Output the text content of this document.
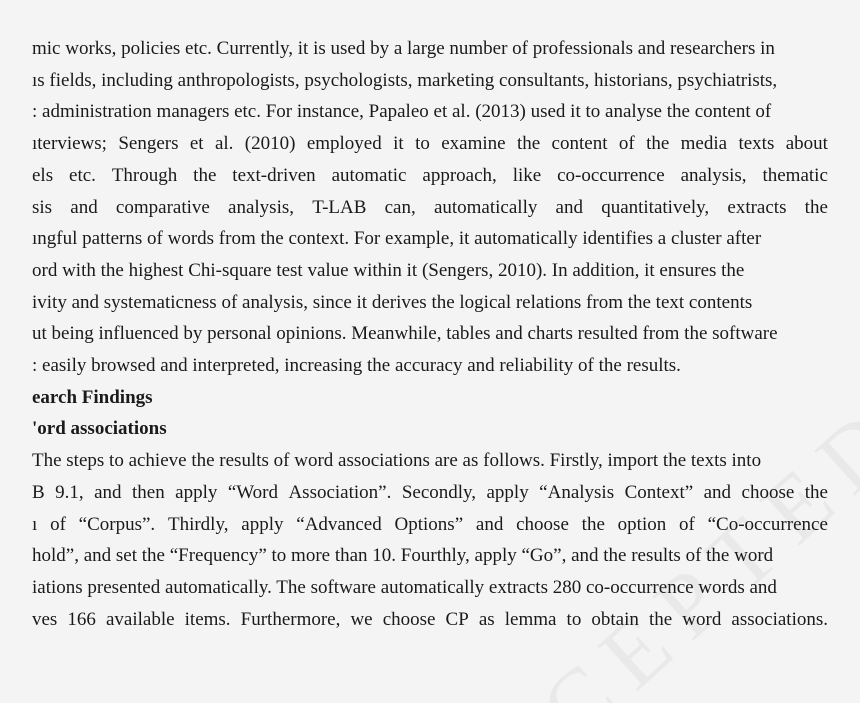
mic works, policies etc. Currently, it is used by a large number of professionals and researchers in
ıs fields, including anthropologists, psychologists, marketing consultants, historians, psychiatrists,
: administration managers etc. For instance, Papaleo et al. (2013) used it to analyse the content of
ıterviews; Sengers et al. (2010) employed it to examine the content of the media texts about
els etc. Through the text-driven automatic approach, like co-occurrence analysis, thematic
sis and comparative analysis, T-LAB can, automatically and quantitatively, extracts the
ıngful patterns of words from the context. For example, it automatically identifies a cluster after
ord with the highest Chi-square test value within it (Sengers, 2010). In addition, it ensures the
ivity and systematicness of analysis, since it derives the logical relations from the text contents
ut being influenced by personal opinions. Meanwhile, tables and charts resulted from the software
: easily browsed and interpreted, increasing the accuracy and reliability of the results.
earch Findings
'ord associations
The steps to achieve the results of word associations are as follows. Firstly, import the texts into
B 9.1, and then apply “Word Association”. Secondly, apply “Analysis Context” and choose the
ı of “Corpus”. Thirdly, apply “Advanced Options” and choose the option of “Co-occurrence
hold”, and set the “Frequency” to more than 10. Fourthly, apply “Go”, and the results of the word
iations presented automatically. The software automatically extracts 280 co-occurrence words and
ves 166 available items. Furthermore, we choose CP as lemma to obtain the word associations.
